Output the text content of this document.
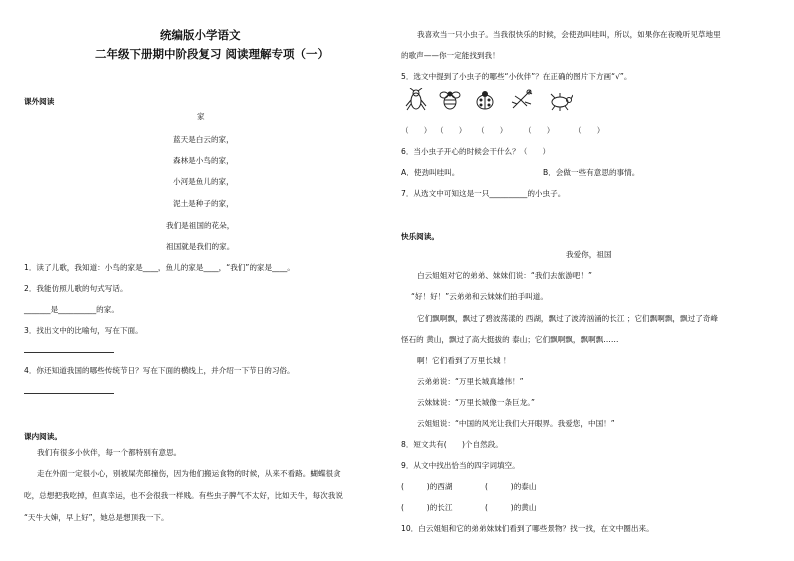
统编版小学语文
二年级下册期中阶段复习 阅读理解专项（一）
课外阅读
家
蓝天是白云的家，
森林是小鸟的家，
小河是鱼儿的家，
泥土是种子的家，
我们是祖国的花朵，
祖国就是我们的家。
1．读了儿歌，我知道：小鸟的家是____，鱼儿的家是____，“我们”的家是____。
2．我能仿照儿歌的句式写话。
_______是__________的家。
3．找出文中的比喻句，写在下面。
4．你还知道我国的哪些传统节日？写在下面的横线上，并介绍一下节日的习俗。
课内阅读。
我们有很多小伙伴，每一个都特别有意思。
走在外面一定很小心，别被屎壳郎撞伤，因为他们搬运食物的时候，从来不看路。蝴蝶很贪
吃，总想把我吃掉，但真幸运，也不会很我一样贱。有些虫子脾气不太好，比如天牛，每次我说
“天牛大婶，早上好”，她总是想顶我一下。
我喜欢当一只小虫子。当我很快乐的时候，会使劲叫哇叫，所以，如果你在夜晚听见草地里
的歌声——你一定能找到我！
5．选文中提到了小虫子的哪些“小伙伴”？在正确的图片下方画“√”。
（　　） （　　） （　　） （　　）	（　　）
6．当小虫子开心的时候会干什么？（　　）
A．使劲叫哇叫。	B．会做一些有意思的事情。
7．从选文中可知这是一只__________的小虫子。
快乐阅读。
我爱你，祖国
白云姐姐对它的弟弟、妹妹们说：“我们去旅游吧！”
“好！好！”云弟弟和云妹妹们拍手叫道。
它们飘啊飘，飘过了碧波荡漾的 西湖，飘过了波涛汹涌的长江 ；它们飘啊飘，飘过了奇峰
怪石的 黄山，飘过了高大挺拔的 泰山；它们飘啊飘，飘啊飘……
啊！它们看到了万里长城 ！
云弟弟说：“万里长城真雄伟！”
云妹妹说：“万里长城像一条巨龙。”
云姐姐说：“中国的风光让我们大开眼界。我爱您，中国！”
8．短文共有(　　)个自然段。
9．从文中找出恰当的四字词填空。
(　　　)的西湖	(　　　)的泰山
(　　　)的长江	(　　　)的黄山
10．白云姐姐和它的弟弟妹妹们看到了哪些景物？找一找，在文中圈出来。
